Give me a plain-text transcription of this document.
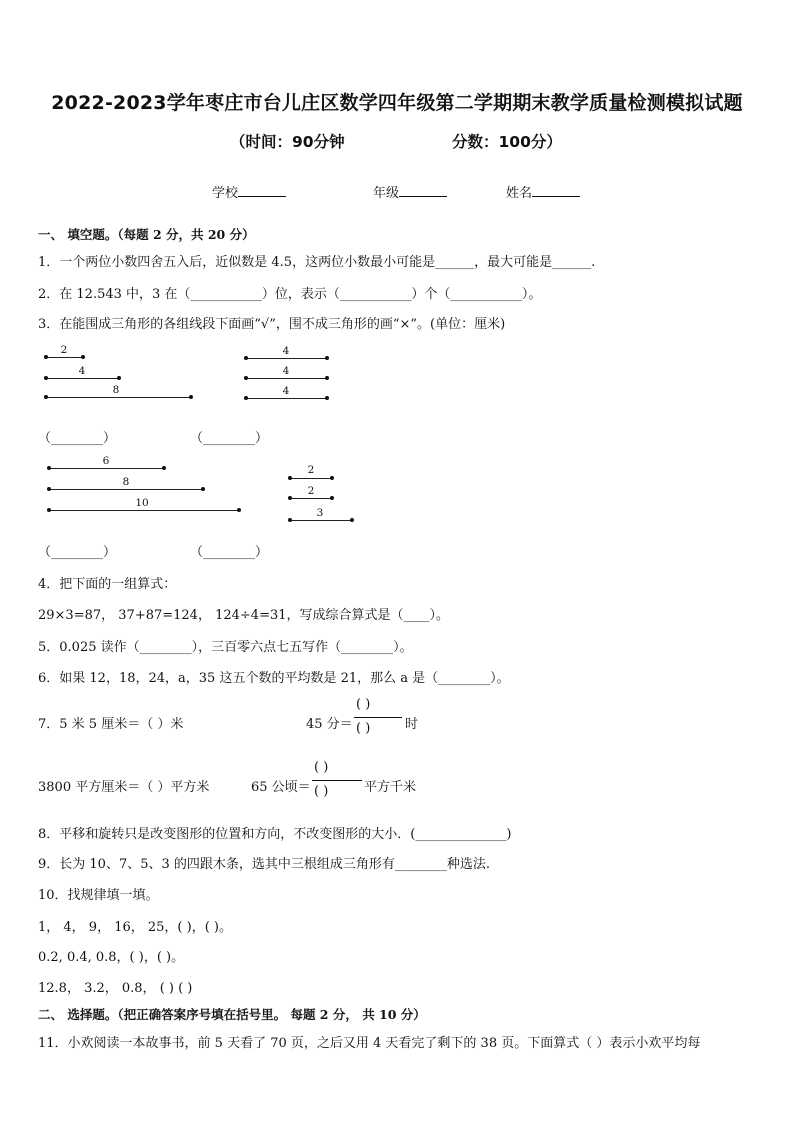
2022-2023学年枣庄市台儿庄区数学四年级第二学期期末教学质量检测模拟试题
（时间：90分钟	分数：100分）
学校	年级	姓名
一、 填空题。（每题 2 分，共 20 分）
1．一个两位小数四舍五入后，近似数是 4.5，这两位小数最小可能是______，最大可能是______.
2．在 12.543 中，3 在（___________）位，表示（___________）个（___________）。
3．在能围成三角形的各组线段下面画“√”，围不成三角形的画“×”。(单位：厘米)
2
4
8
（________）
4
4
4
（________）
6
8
10
（________）
2
2
3
（________）
4．把下面的一组算式：
29×3=87， 37+87=124， 124÷4=31，写成综合算式是（____）。
5．0.025 读作（________），三百零六点七五写作（________）。
6．如果 12，18，24，a，35 这五个数的平均数是 21，那么 a 是（________）。
7．5 米 5 厘米＝（ ）米	45 分＝
( )
( )	时
3800 平方厘米＝（ ）平方米	65 公顷＝
( )
( )	平方千米
8．平移和旋转只是改变图形的位置和方向，不改变图形的大小．(______________)
9．长为 10、7、5、3 的四跟木条，选其中三根组成三角形有________种选法.
10．找规律填一填。
1， 4， 9， 16， 25，( )，( )。
0.2, 0.4, 0.8，( )，( )。
12.8， 3.2， 0.8， ( ) ( )
二、 选择题。（把正确答案序号填在括号里。 每题 2 分， 共 10 分）
11．小欢阅读一本故事书，前 5 天看了 70 页，之后又用 4 天看完了剩下的 38 页。下面算式（ ）表示小欢平均每
